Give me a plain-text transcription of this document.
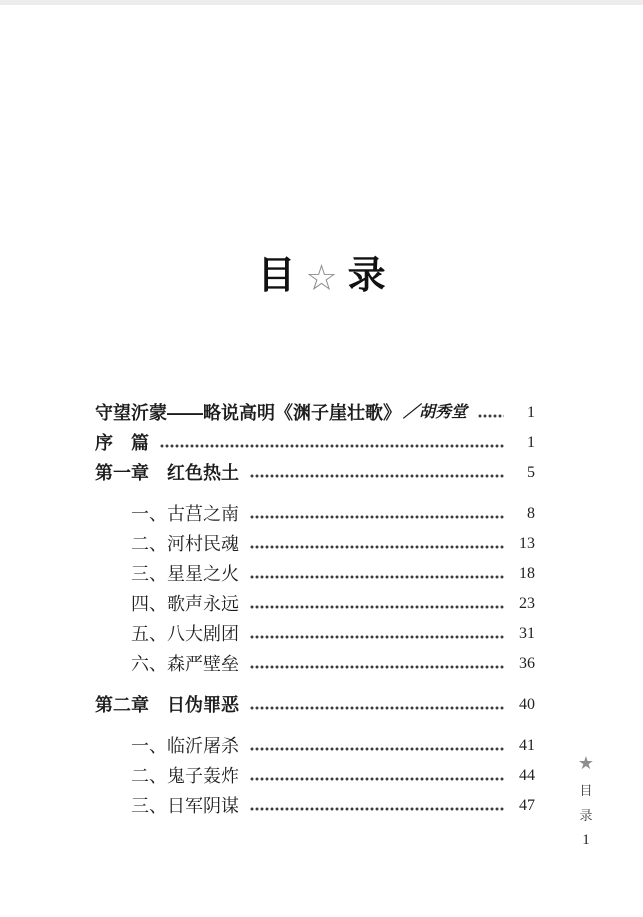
目 ☆ 录
守望沂蒙——略说高明《渊子崖壮歌》 ／胡秀堂	1
序　篇	1
第一章　红色热土	5
一、古莒之南	8
二、河村民魂	13
三、星星之火	18
四、歌声永远	23
五、八大剧团	31
六、森严壁垒	36
第二章　日伪罪恶	40
一、临沂屠杀	41
二、鬼子轰炸	44
三、日军阴谋	47
★
目
录
1
